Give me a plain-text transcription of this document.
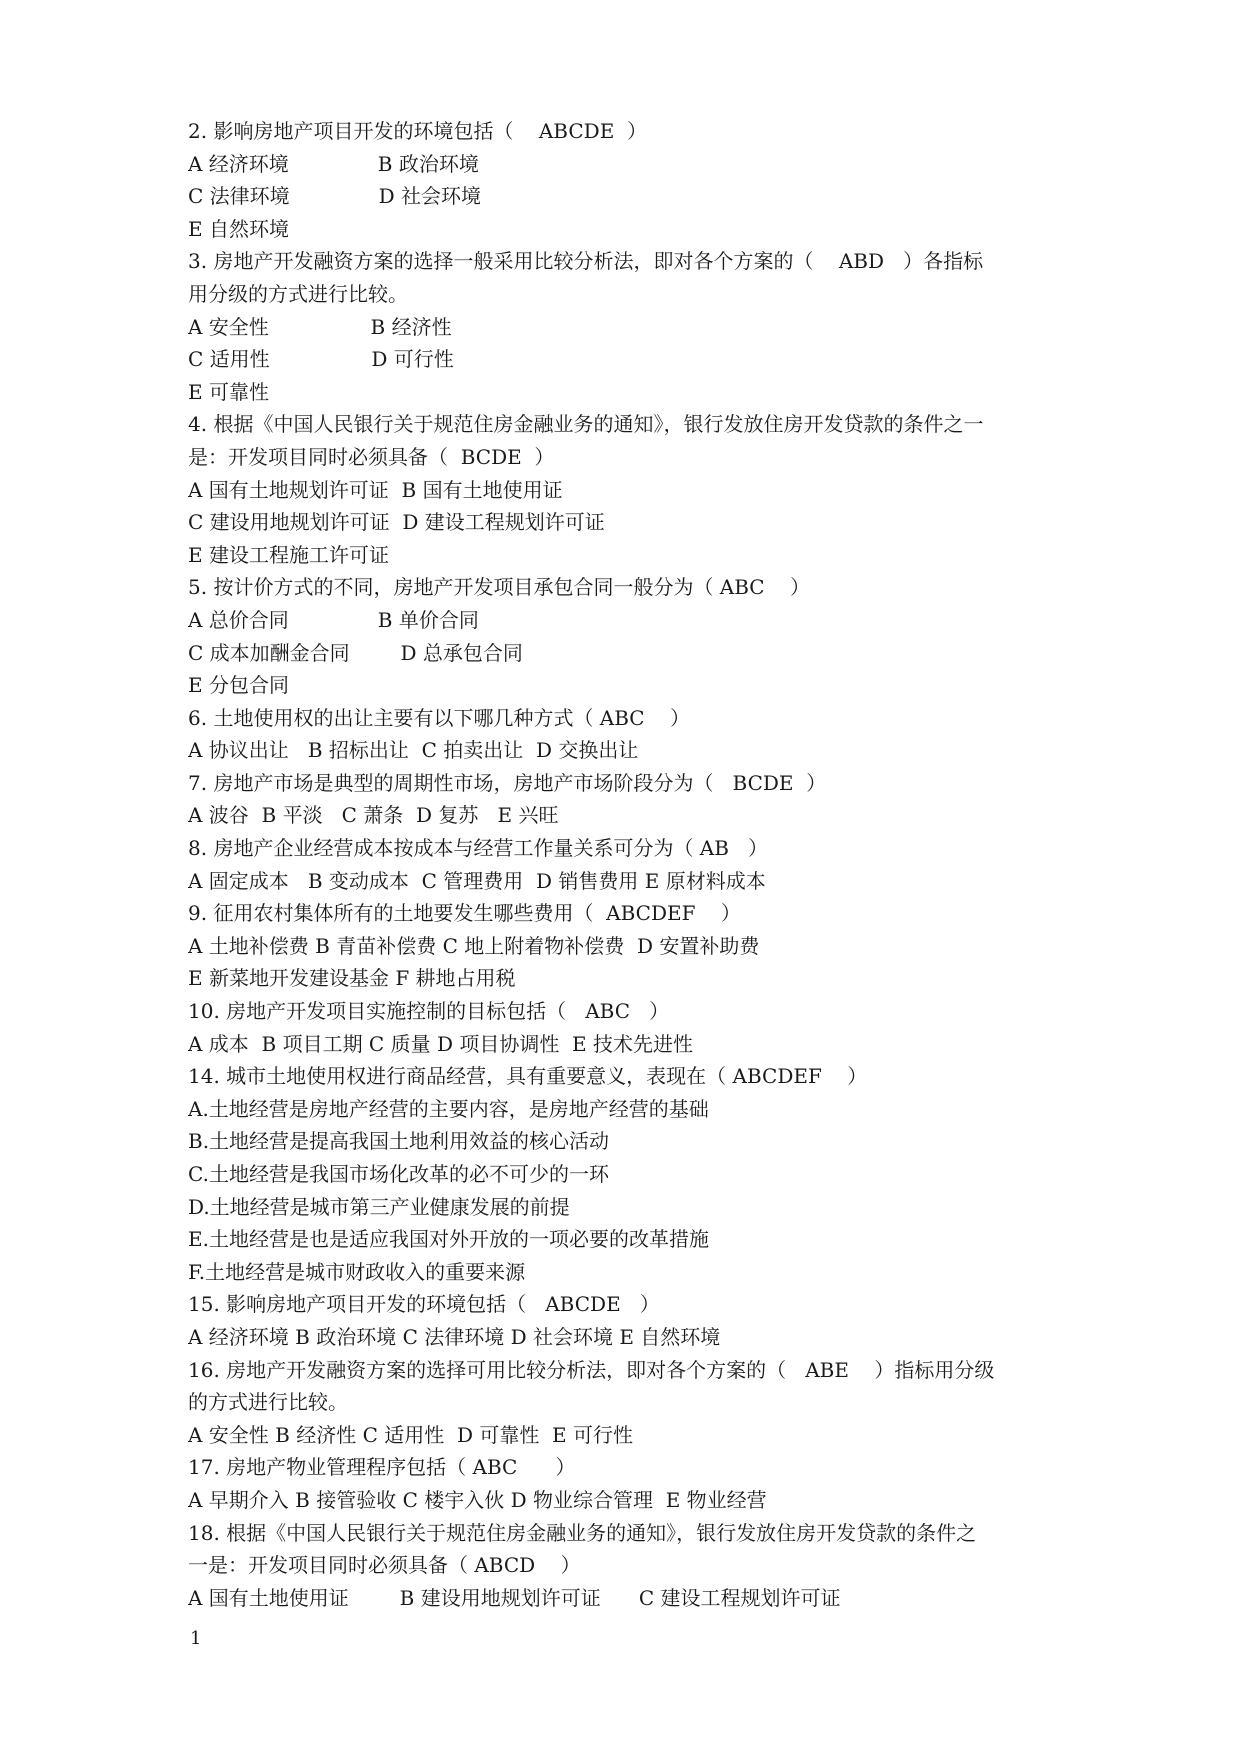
2. 影响房地产项目开发的环境包括（    ABCDE  ）
A 经济环境              B 政治环境
C 法律环境              D 社会环境
E 自然环境
3. 房地产开发融资方案的选择一般采用比较分析法，即对各个方案的（    ABD   ）各指标
用分级的方式进行比较。
A 安全性                B 经济性
C 适用性                D 可行性
E 可靠性
4. 根据《中国人民银行关于规范住房金融业务的通知》，银行发放住房开发贷款的条件之一
是：开发项目同时必须具备（  BCDE  ）
A 国有土地规划许可证  B 国有土地使用证
C 建设用地规划许可证  D 建设工程规划许可证
E 建设工程施工许可证
5. 按计价方式的不同，房地产开发项目承包合同一般分为（ ABC    ）
A 总价合同              B 单价合同
C 成本加酬金合同        D 总承包合同
E 分包合同
6. 土地使用权的出让主要有以下哪几种方式（ ABC    ）
A 协议出让   B 招标出让  C 拍卖出让  D 交换出让
7. 房地产市场是典型的周期性市场，房地产市场阶段分为（   BCDE  ）
A 波谷  B 平淡   C 萧条  D 复苏   E 兴旺
8. 房地产企业经营成本按成本与经营工作量关系可分为（ AB   ）
A 固定成本   B 变动成本  C 管理费用  D 销售费用 E 原材料成本
9. 征用农村集体所有的土地要发生哪些费用（  ABCDEF    ）
A 土地补偿费 B 青苗补偿费 C 地上附着物补偿费  D 安置补助费
E 新菜地开发建设基金 F 耕地占用税
10. 房地产开发项目实施控制的目标包括（   ABC   ）
A 成本  B 项目工期 C 质量 D 项目协调性  E 技术先进性
14. 城市土地使用权进行商品经营，具有重要意义，表现在（ ABCDEF    ）
A.土地经营是房地产经营的主要内容，是房地产经营的基础
B.土地经营是提高我国土地利用效益的核心活动
C.土地经营是我国市场化改革的必不可少的一环
D.土地经营是城市第三产业健康发展的前提
E.土地经营是也是适应我国对外开放的一项必要的改革措施
F.土地经营是城市财政收入的重要来源
15. 影响房地产项目开发的环境包括（   ABCDE   ）
A 经济环境 B 政治环境 C 法律环境 D 社会环境 E 自然环境
16. 房地产开发融资方案的选择可用比较分析法，即对各个方案的（   ABE    ）指标用分级
的方式进行比较。
A 安全性 B 经济性 C 适用性  D 可靠性  E 可行性
17. 房地产物业管理程序包括（ ABC      ）
A 早期介入 B 接管验收 C 楼宇入伙 D 物业综合管理  E 物业经营
18. 根据《中国人民银行关于规范住房金融业务的通知》，银行发放住房开发贷款的条件之
一是：开发项目同时必须具备（ ABCD    ）
A 国有土地使用证        B 建设用地规划许可证      C 建设工程规划许可证
1
